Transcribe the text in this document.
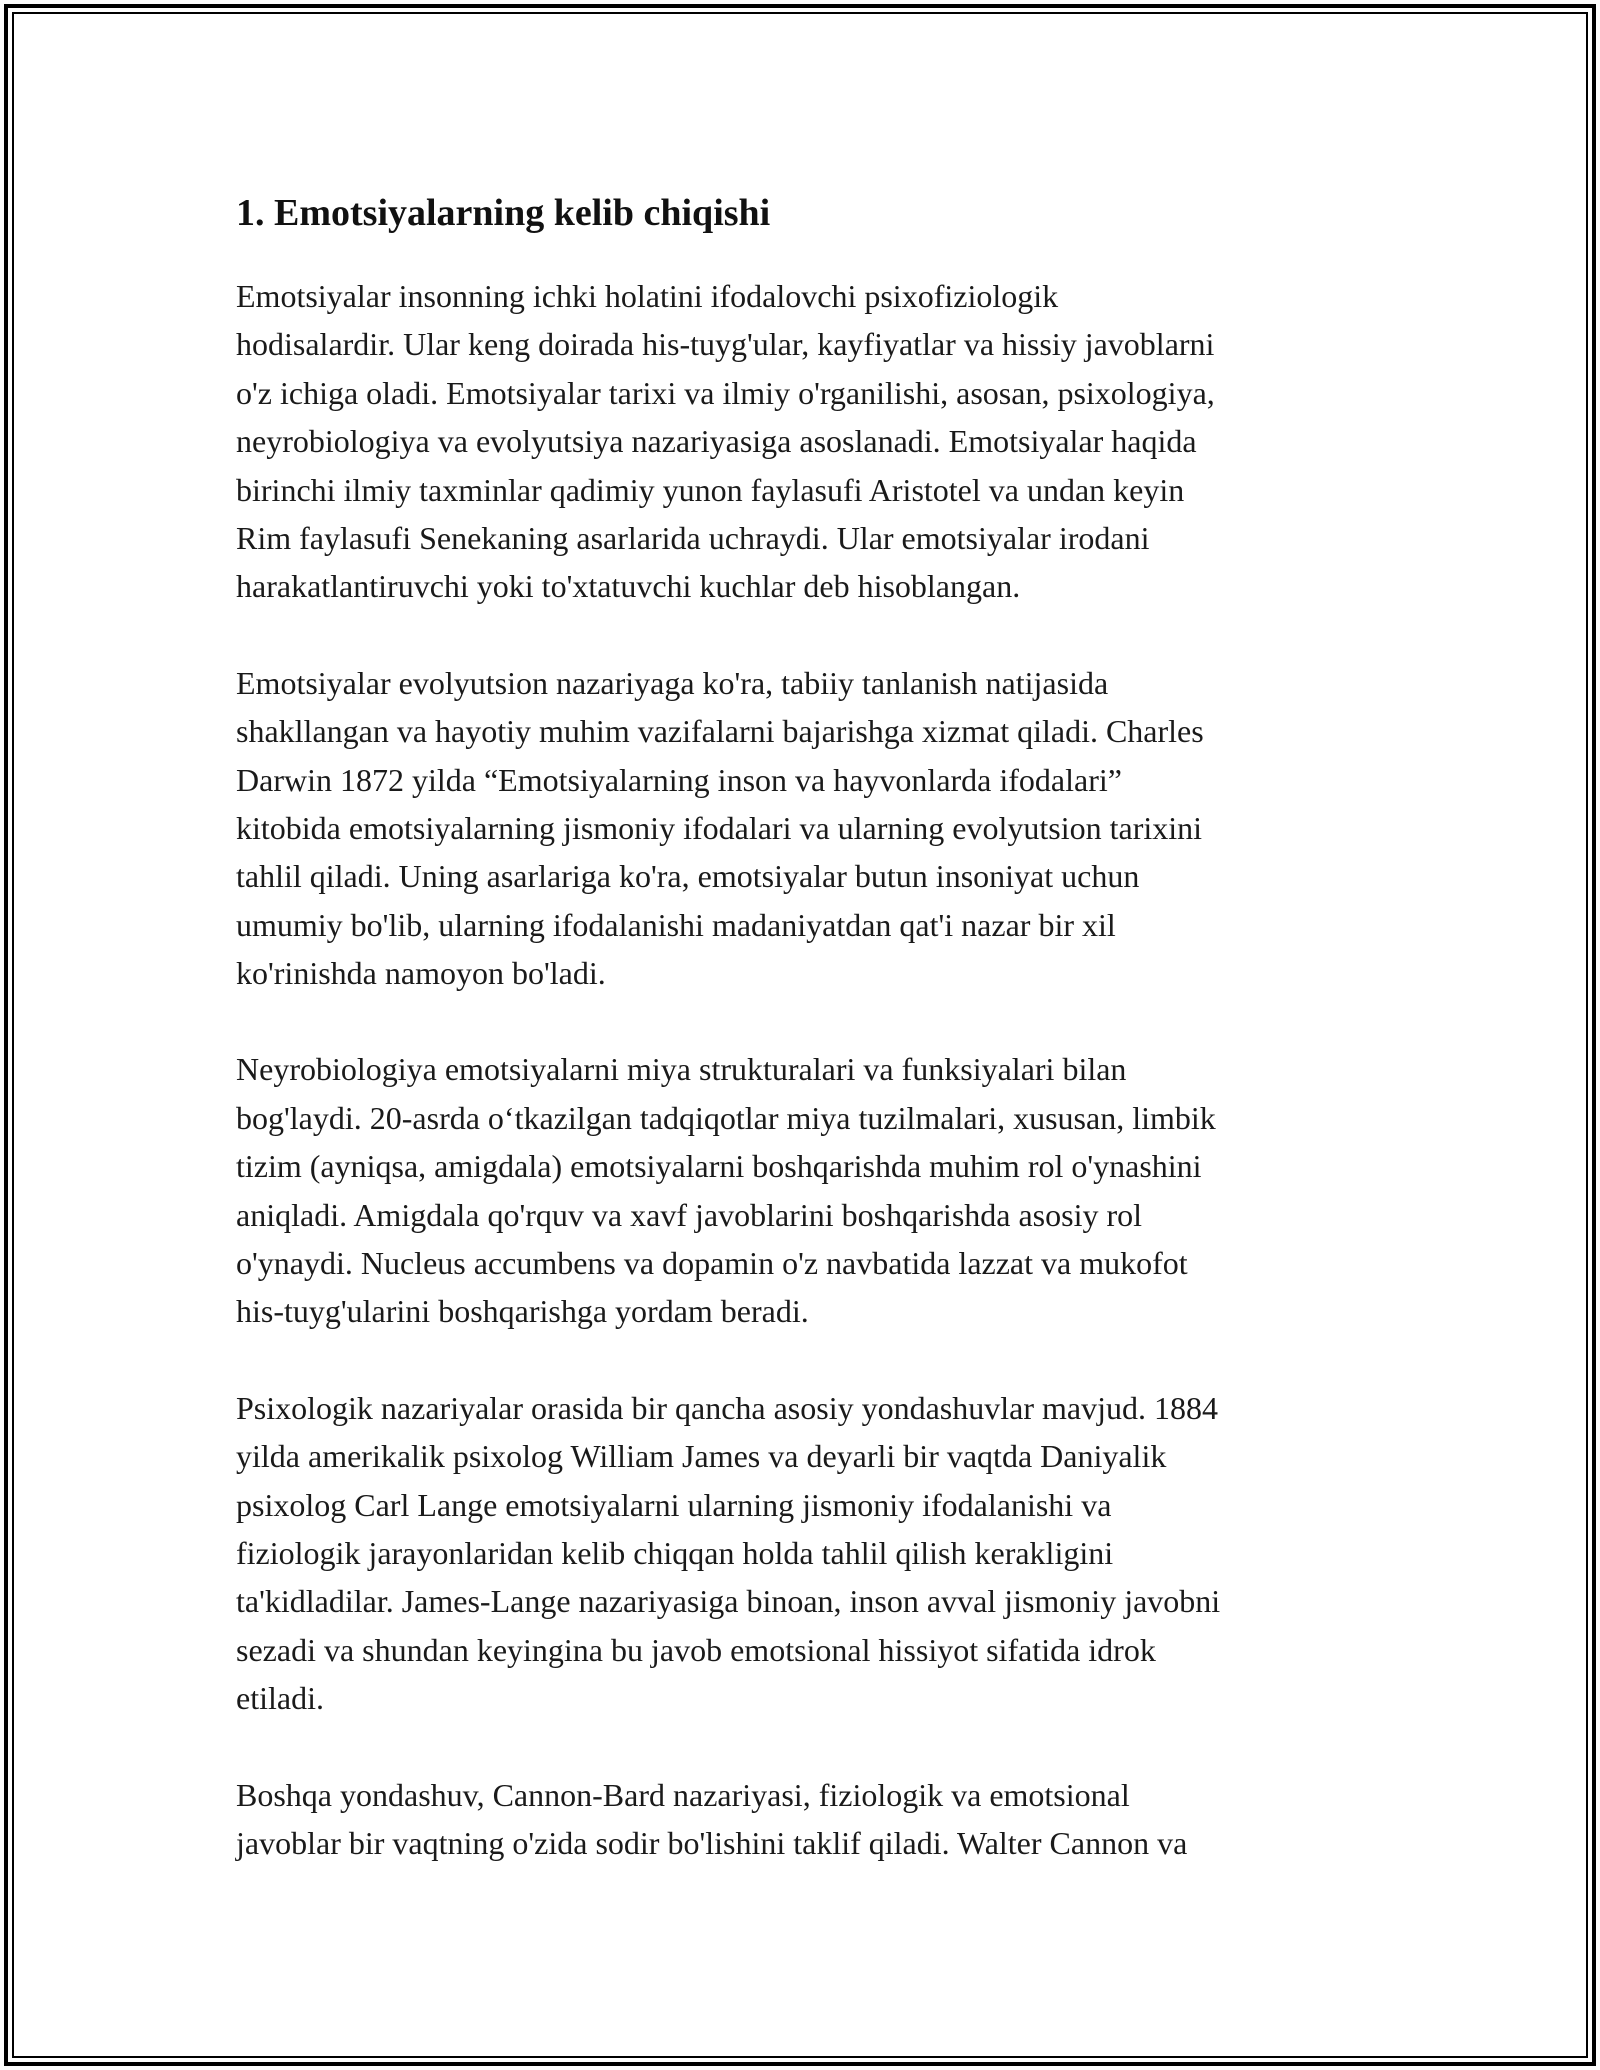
1. Emotsiyalarning kelib chiqishi

Emotsiyalar insonning ichki holatini ifodalovchi psixofiziologik
hodisalardir. Ular keng doirada his-tuyg'ular, kayfiyatlar va hissiy javoblarni
o'z ichiga oladi. Emotsiyalar tarixi va ilmiy o'rganilishi, asosan, psixologiya,
neyrobiologiya va evolyutsiya nazariyasiga asoslanadi. Emotsiyalar haqida
birinchi ilmiy taxminlar qadimiy yunon faylasufi Aristotel va undan keyin
Rim faylasufi Senekaning asarlarida uchraydi. Ular emotsiyalar irodani
harakatlantiruvchi yoki to'xtatuvchi kuchlar deb hisoblangan.

Emotsiyalar evolyutsion nazariyaga ko'ra, tabiiy tanlanish natijasida
shakllangan va hayotiy muhim vazifalarni bajarishga xizmat qiladi. Charles
Darwin 1872 yilda “Emotsiyalarning inson va hayvonlarda ifodalari”
kitobida emotsiyalarning jismoniy ifodalari va ularning evolyutsion tarixini
tahlil qiladi. Uning asarlariga ko'ra, emotsiyalar butun insoniyat uchun
umumiy bo'lib, ularning ifodalanishi madaniyatdan qat'i nazar bir xil
ko'rinishda namoyon bo'ladi.

Neyrobiologiya emotsiyalarni miya strukturalari va funksiyalari bilan
bog'laydi. 20-asrda oʻtkazilgan tadqiqotlar miya tuzilmalari, xususan, limbik
tizim (ayniqsa, amigdala) emotsiyalarni boshqarishda muhim rol o'ynashini
aniqladi. Amigdala qo'rquv va xavf javoblarini boshqarishda asosiy rol
o'ynaydi. Nucleus accumbens va dopamin o'z navbatida lazzat va mukofot
his-tuyg'ularini boshqarishga yordam beradi.

Psixologik nazariyalar orasida bir qancha asosiy yondashuvlar mavjud. 1884
yilda amerikalik psixolog William James va deyarli bir vaqtda Daniyalik
psixolog Carl Lange emotsiyalarni ularning jismoniy ifodalanishi va
fiziologik jarayonlaridan kelib chiqqan holda tahlil qilish kerakligini
ta'kidladilar. James-Lange nazariyasiga binoan, inson avval jismoniy javobni
sezadi va shundan keyingina bu javob emotsional hissiyot sifatida idrok
etiladi.

Boshqa yondashuv, Cannon-Bard nazariyasi, fiziologik va emotsional
javoblar bir vaqtning o'zida sodir bo'lishini taklif qiladi. Walter Cannon va
